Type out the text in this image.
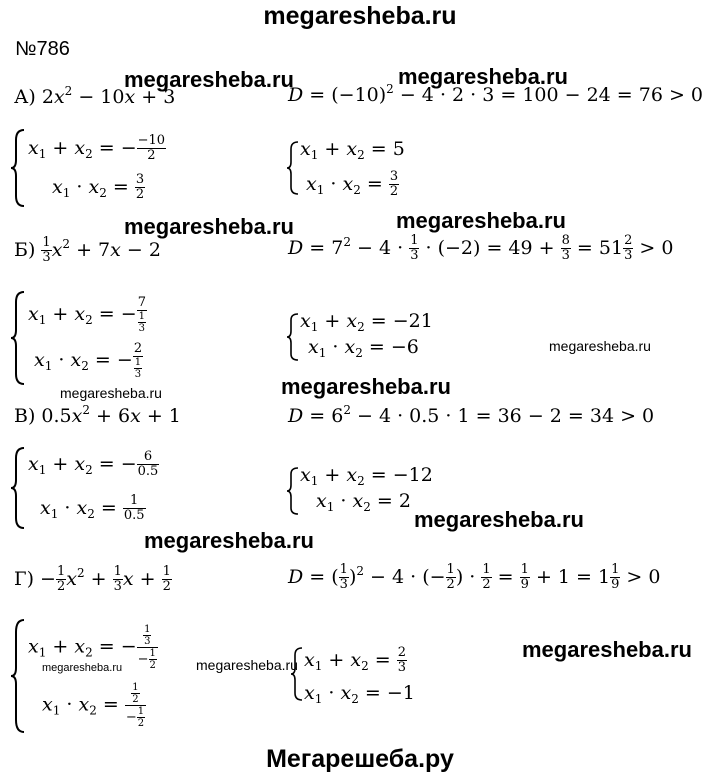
megaresheba.ru
Мегарешеба.ру
№786
megaresheba.ru	megaresheba.ru
megaresheba.ru	megaresheba.ru
megaresheba.ru
megaresheba.ru	megaresheba.ru
megaresheba.ru
megaresheba.ru
megaresheba.ru
megaresheba.ru	megaresheba.ru
А) $2x^2 - 10x + 3$	$D = (-10)^2 - 4 \cdot 2 \cdot 3 = 100 - 24 = 76 > 0$
$x_1 + x_2$ = − $\frac{-10}{2}$
$x_1 \cdot x_2 = \frac{3}{2}$
$x_1 + x_2 = 5$
$x_1 \cdot x_2 = \frac{3}{2}$
$Б) \frac{1}{3} x^2 + 7x - 2$	$D = 7^2 - 4 \cdot \frac{1}{3} \cdot (-2) = 49 + \frac{8}{3} = 51 \frac{2}{3} > 0$
$x_1 + x_2$ = − $\frac{7}{\frac{1}{3}}$
$x_1 \cdot x_2$ = − $\frac{2}{\frac{1}{3}}$
$x_1 + x_2 = -21$
$x_1 \cdot x_2 = -6$
В) $0.5x^2 + 6x + 1$	$D = 6^2 - 4 \cdot 0.5 \cdot 1 = 36 - 2 = 34 > 0$
$x_1 + x_2$ = − $\frac{6}{0.5}$
$x_1 \cdot x_2 = \frac{1}{0.5}$
$x_1 + x_2 = -12$
$x_1 \cdot x_2 = 2$
$Г) - \frac{1}{2} x^2 + \frac{1}{3}$ $x + \frac{1}{2}$	D = ( $\frac{1}{3} )^2 - 4$ · (− $\frac{1}{2}$ ) · $\frac{1}{2} = \frac{1}{9} + 1 = 1 \frac{1}{9} > 0$
$x_1 + x_2$ = − $\frac{\frac{1}{3}}{- \frac{1}{2}}$
$x_1 \cdot x_2 = \frac{\frac{1}{2}}{- \frac{1}{2}}$
$x_1 + x_2 = \frac{2}{3}$
$x_1 \cdot x_2 = -1$
